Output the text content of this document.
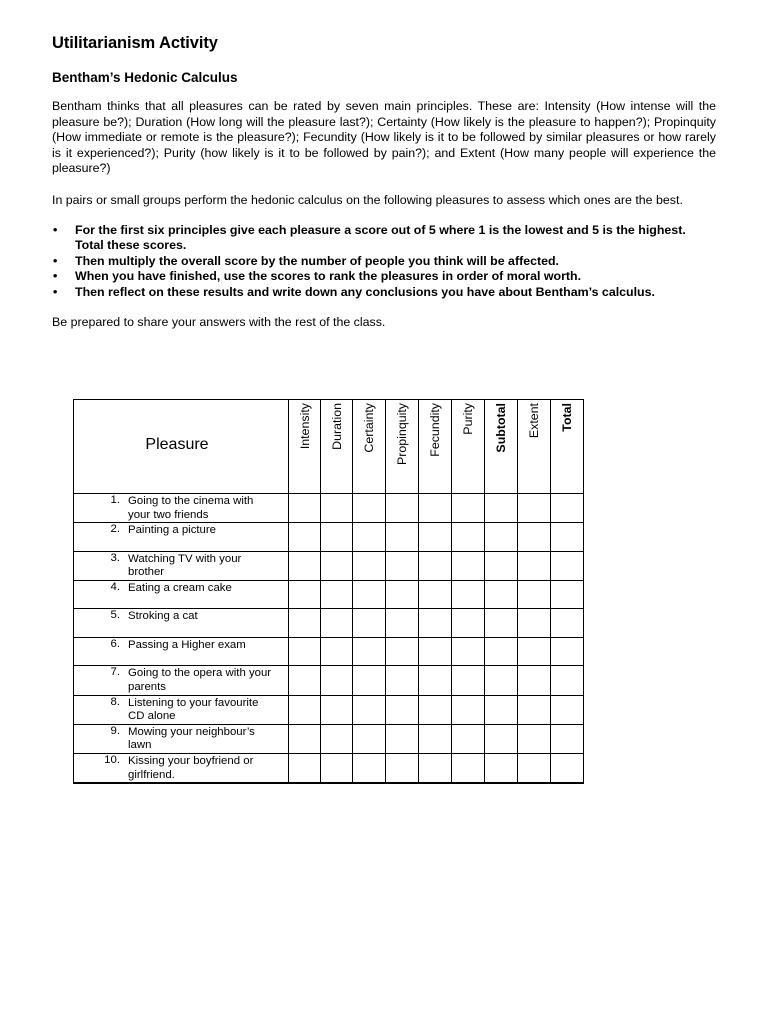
Utilitarianism Activity
Bentham’s Hedonic Calculus

Bentham thinks that all pleasures can be rated by seven main principles. These are: Intensity (How intense will the pleasure be?); Duration (How long will the pleasure last?); Certainty (How likely is the pleasure to happen?); Propinquity (How immediate or remote is the pleasure?); Fecundity (How likely is it to be followed by similar pleasures or how rarely is it experienced?); Purity (how likely is it to be followed by pain?); and Extent (How many people will experience the pleasure?)

In pairs or small groups perform the hedonic calculus on the following pleasures to assess which ones are the best.

• For the first six principles give each pleasure a score out of 5 where 1 is the lowest and 5 is the highest. Total these scores.
• Then multiply the overall score by the number of people you think will be affected.
• When you have finished, use the scores to rank the pleasures in order of moral worth.
• Then reflect on these results and write down any conclusions you have about Bentham’s calculus.

Be prepared to share your answers with the rest of the class.

Pleasure	Intensity	Duration	Certainty	Propinquity	Fecundity	Purity	Subtotal	Extent	Total

1. Going to the cinema with your two friends									
2. Painting a picture									
3. Watching TV with your brother									
4. Eating a cream cake									
5. Stroking a cat									
6. Passing a Higher exam									
7. Going to the opera with your parents									
8. Listening to your favourite CD alone									
9. Mowing your neighbour’s lawn									
10. Kissing your boyfriend or girlfriend.									
